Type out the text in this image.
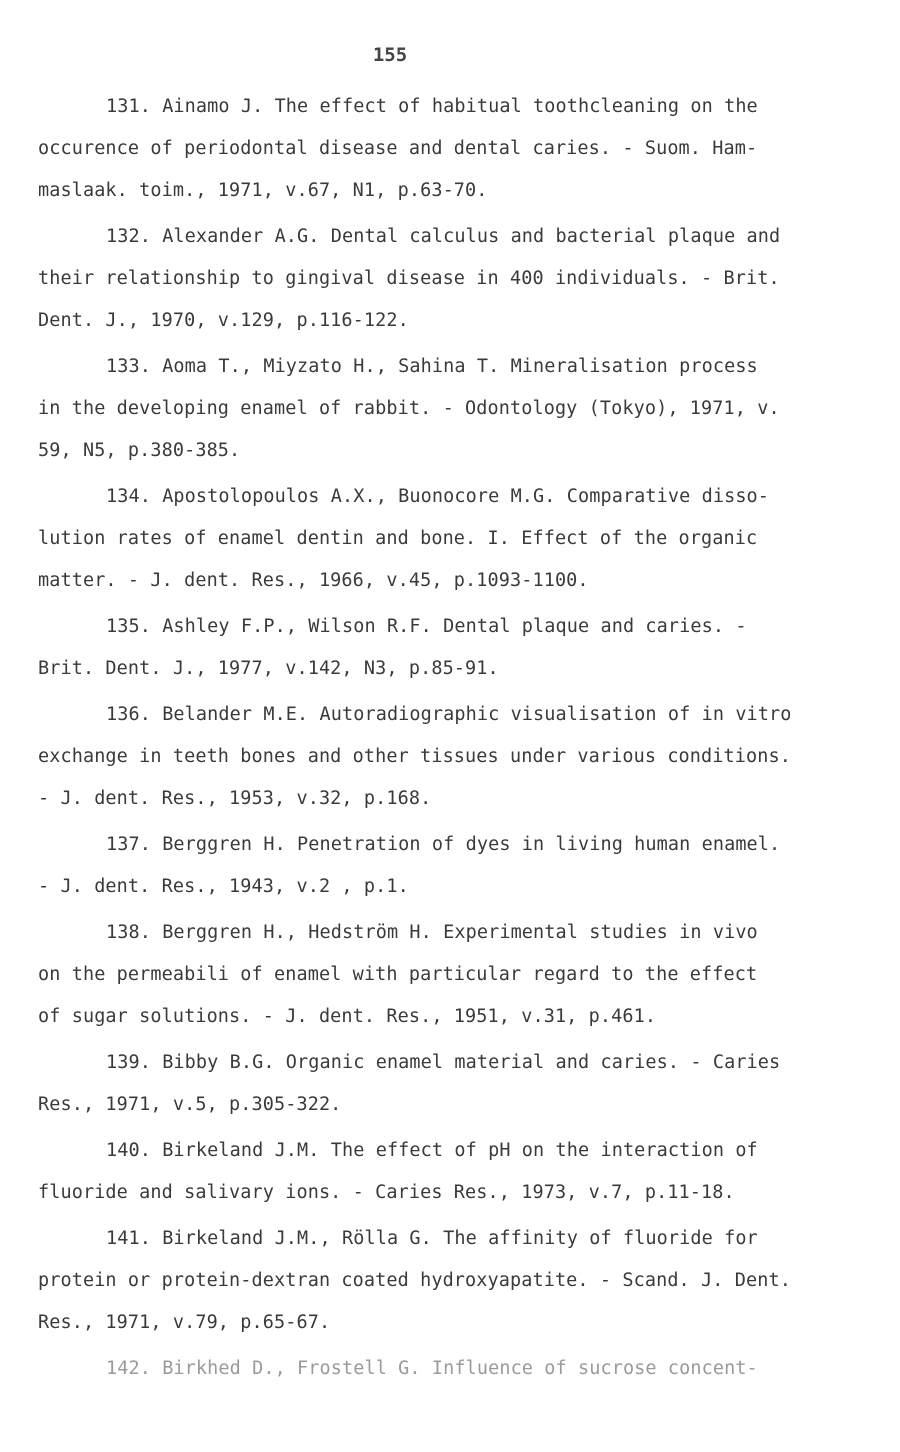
155
131. Ainamo J. The effect of habitual toothcleaning on the
occurence of periodontal disease and dental caries. - Suom. Ham-
maslaak. toim., 1971, v.67, N1, p.63-70.
132. Alexander A.G. Dental calculus and bacterial plaque and
their relationship to gingival disease in 400 individuals. - Brit.
Dent. J., 1970, v.129, p.116-122.
133. Aoma T., Miyzato H., Sahina T. Mineralisation process
in the developing enamel of rabbit. - Odontology (Tokyo), 1971, v.
59, N5, p.380-385.
134. Apostolopoulos A.X., Buonocore M.G. Comparative disso-
lution rates of enamel dentin and bone. I. Effect of the organic
matter. - J. dent. Res., 1966, v.45, p.1093-1100.
135. Ashley F.P., Wilson R.F. Dental plaque and caries. -
Brit. Dent. J., 1977, v.142, N3, p.85-91.
136. Belander M.E. Autoradiographic visualisation of in vitro
exchange in teeth bones and other tissues under various conditions.
- J. dent. Res., 1953, v.32, p.168.
137. Berggren H. Penetration of dyes in living human enamel.
- J. dent. Res., 1943, v.2 , p.1.
138. Berggren H., Hedström H. Experimental studies in vivo
on the permeabili of enamel with particular regard to the effect
of sugar solutions. - J. dent. Res., 1951, v.31, p.461.
139. Bibby B.G. Organic enamel material and caries. - Caries
Res., 1971, v.5, p.305-322.
140. Birkeland J.M. The effect of pH on the interaction of
fluoride and salivary ions. - Caries Res., 1973, v.7, p.11-18.
141. Birkeland J.M., Rölla G. The affinity of fluoride for
protein or protein-dextran coated hydroxyapatite. - Scand. J. Dent.
Res., 1971, v.79, p.65-67.
142. Birkhed D., Frostell G. Influence of sucrose concent-
